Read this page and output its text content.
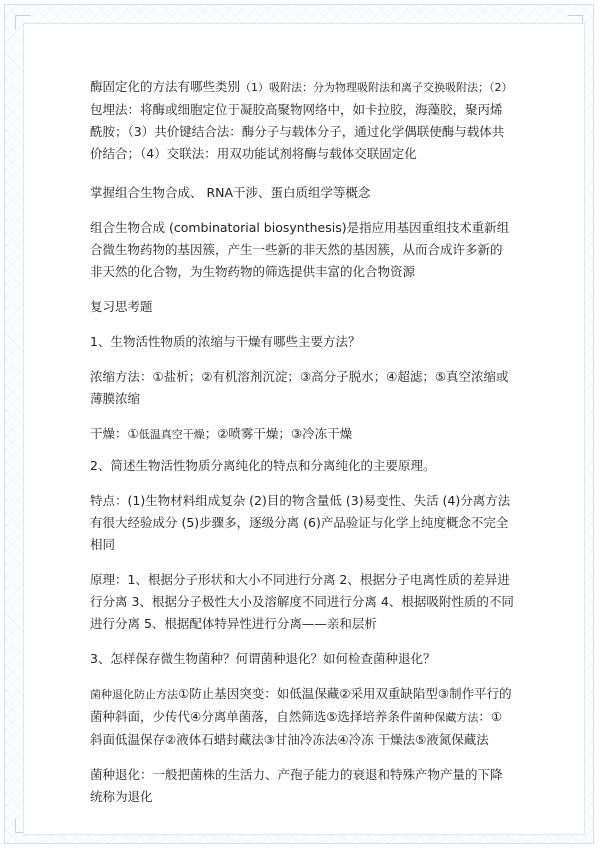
酶固定化的方法有哪些类别（1）吸附法：分为物理吸附法和离子交换吸附法；（2）包埋法：将酶或细胞定位于凝胶高聚物网络中，如卡拉胶，海藻胶，聚丙烯酰胺；（3）共价键结合法：酶分子与载体分子，通过化学偶联使酶与载体共价结合；（4）交联法：用双功能试剂将酶与载体交联固定化

掌握组合生物合成、 RNA干涉、蛋白质组学等概念

组合生物合成 (combinatorial biosynthesis)是指应用基因重组技术重新组合微生物药物的基因簇，产生一些新的非天然的基因簇，从而合成许多新的非天然的化合物，为生物药物的筛选提供丰富的化合物资源

复习思考题

1、生物活性物质的浓缩与干燥有哪些主要方法？

浓缩方法：①盐析；②有机溶剂沉淀；③高分子脱水；④超滤；⑤真空浓缩或薄膜浓缩

干燥：①低温真空干燥；②喷雾干燥；③冷冻干燥

2、简述生物活性物质分离纯化的特点和分离纯化的主要原理。

特点：(1)生物材料组成复杂 (2)目的物含量低 (3)易变性、失活 (4)分离方法有很大经验成分 (5)步骤多，逐级分离 (6)产品验证与化学上纯度概念不完全相同

原理：1、根据分子形状和大小不同进行分离 2、根据分子电离性质的差异进行分离 3、根据分子极性大小及溶解度不同进行分离 4、根据吸附性质的不同进行分离 5、根据配体特异性进行分离——亲和层析

3、怎样保存微生物菌种？何谓菌种退化？如何检查菌种退化？

菌种退化防止方法①防止基因突变：如低温保藏②采用双重缺陷型③制作平行的菌种斜面，少传代④分离单菌落，自然筛选⑤选择培养条件菌种保藏方法：①斜面低温保存②液体石蜡封藏法③甘油冷冻法④冷冻 干燥法⑤液氮保藏法

菌种退化：一般把菌株的生活力、产孢子能力的衰退和特殊产物产量的下降统称为退化
